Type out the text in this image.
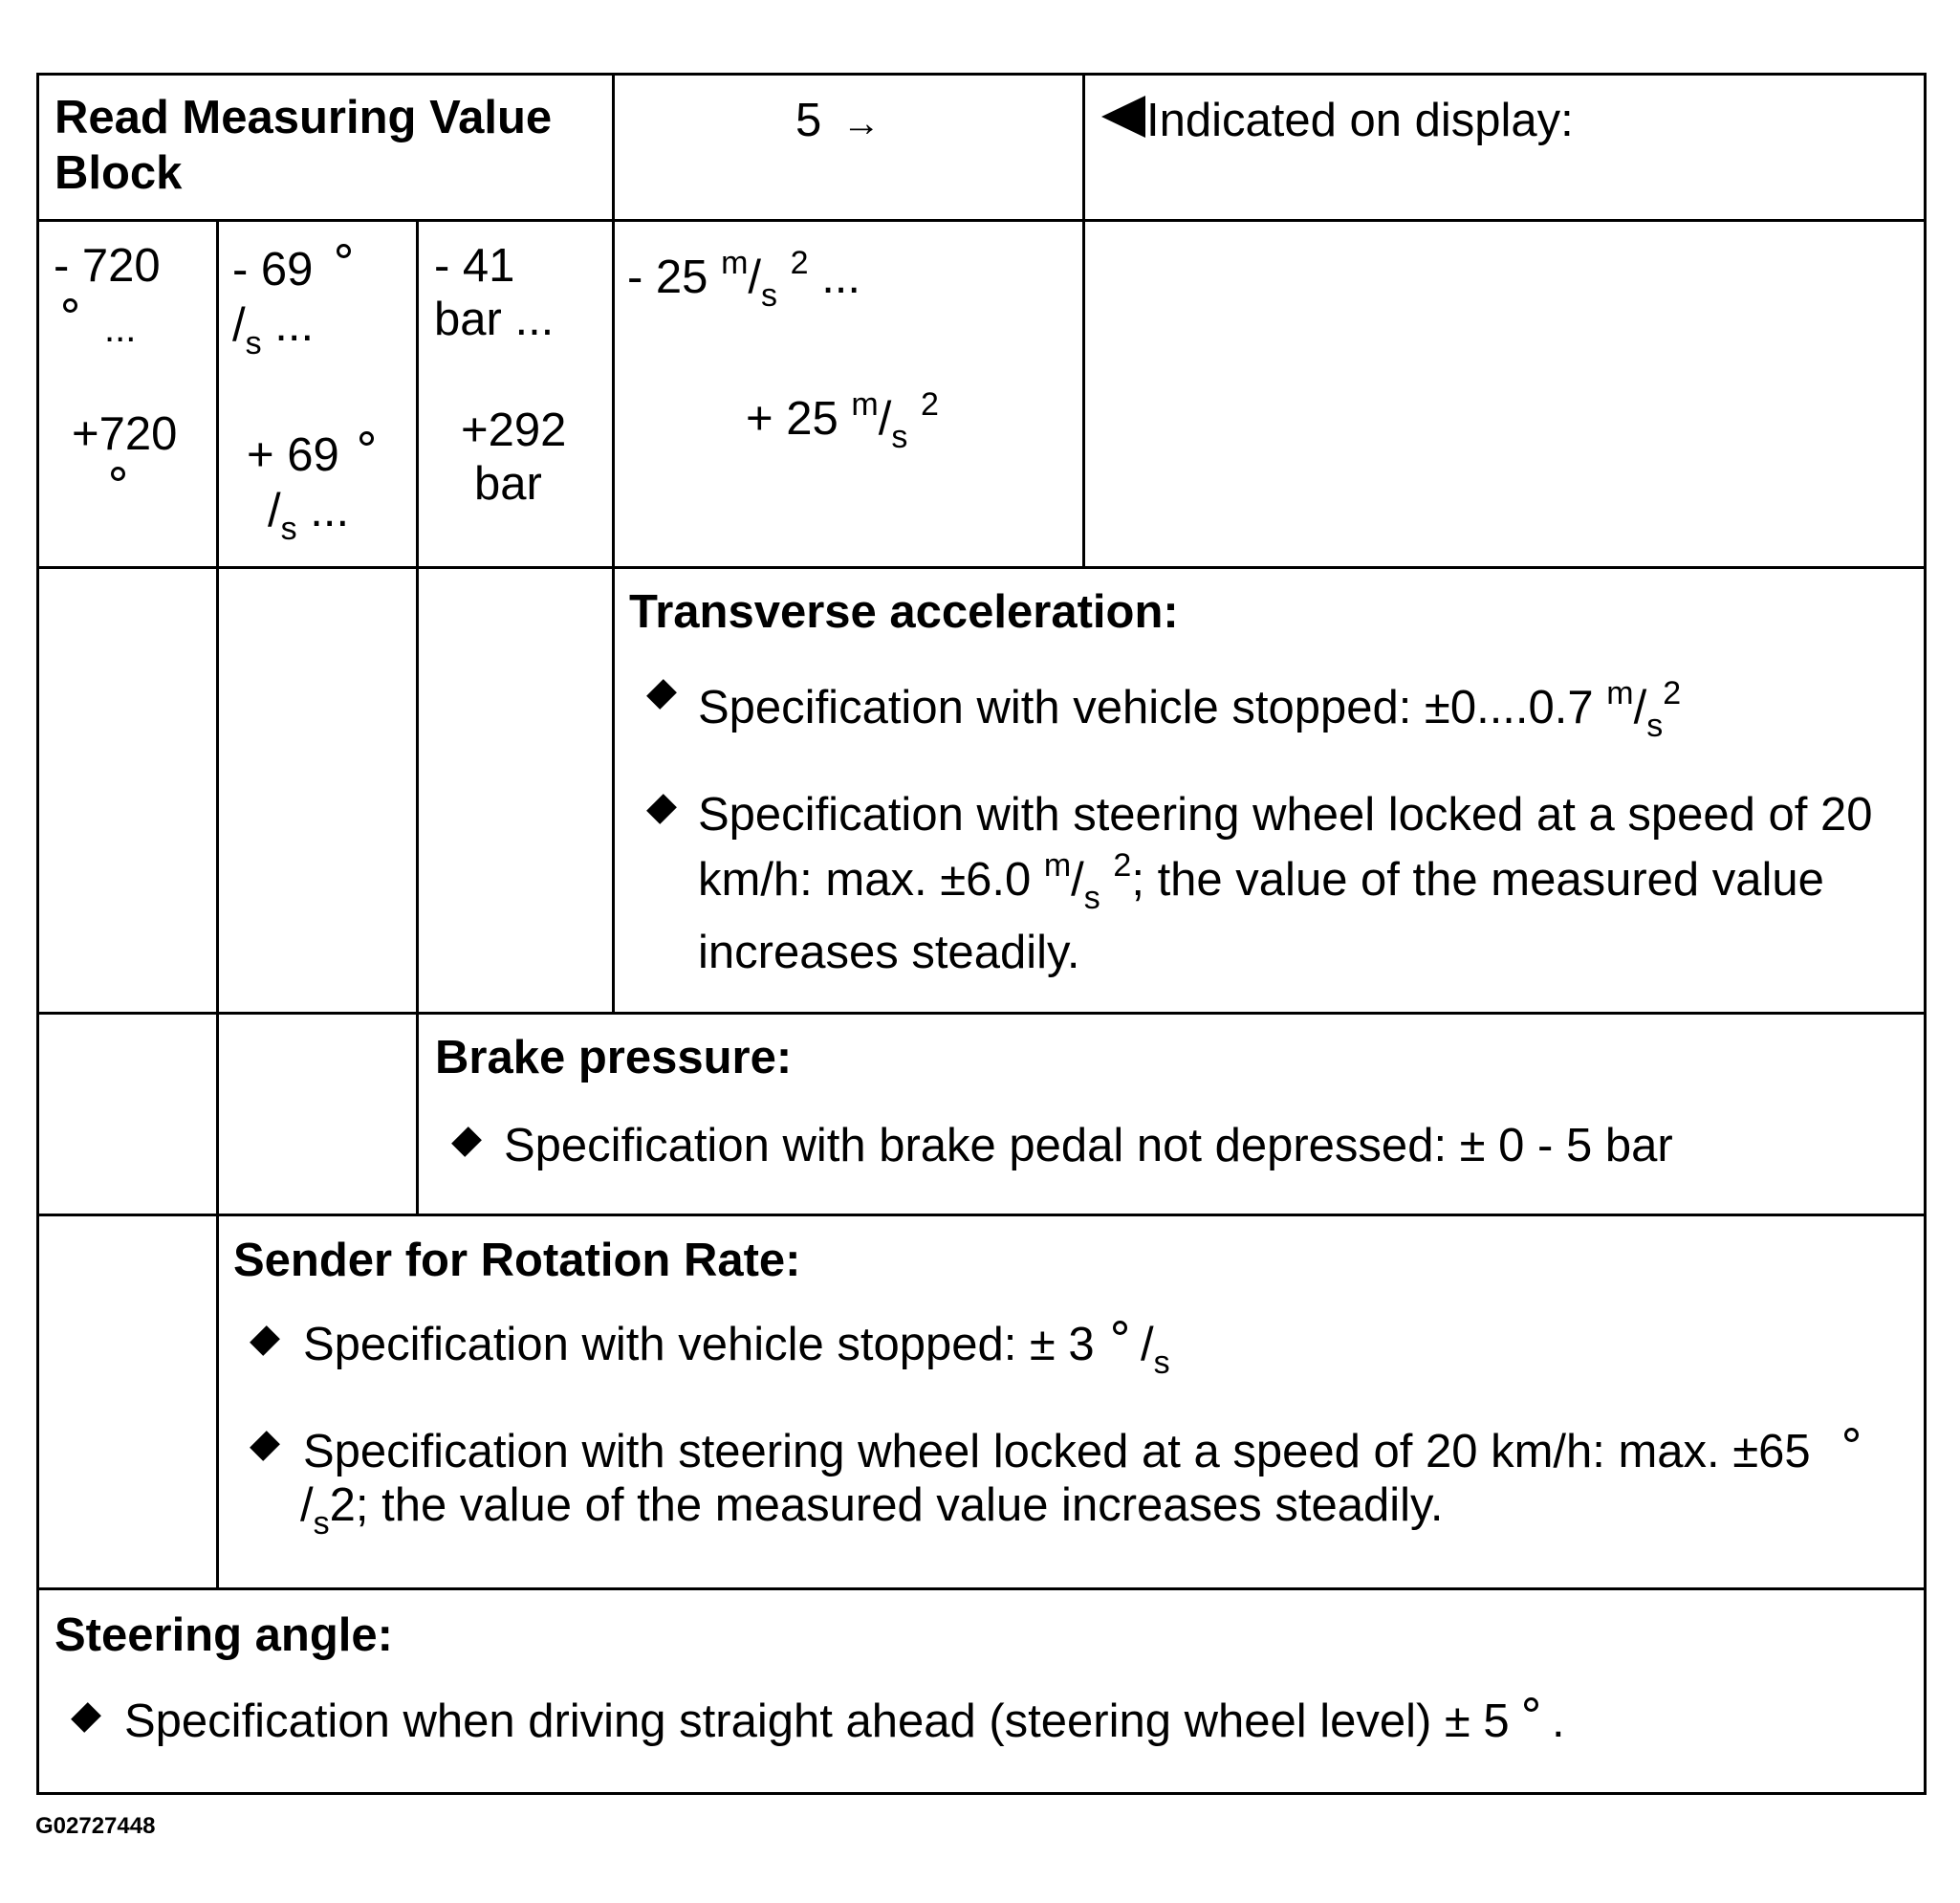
Read Measuring Value Block
5 →	Indicated on display:
- 720
...
+720
- 69
$/_s$ ...
+ 69
$/_s$ ...
- 41
bar ...
+292
bar
- 25 $^m/_s$ $^2$ ...
+ 25 $^m/_s$ $^2$
Transverse acceleration:
Specification with vehicle stopped: ±0....0.7 $^m/_s^2$
Specification with steering wheel locked at a speed of 20
km/h: max. ±6.0 $^m/_s$ $^2$; the value of the measured value
increases steadily.
Brake pressure:
Specification with brake pedal not depressed: ± 0 - 5 bar
Sender for Rotation Rate:
Specification with vehicle stopped: ± 3 $/_s$
Specification with steering wheel locked at a speed of 20 km/h: max. ±65
$/_s2$; the value of the measured value increases steadily.
Steering angle:
Specification when driving straight ahead (steering wheel level) ± 5 .
G02727448
